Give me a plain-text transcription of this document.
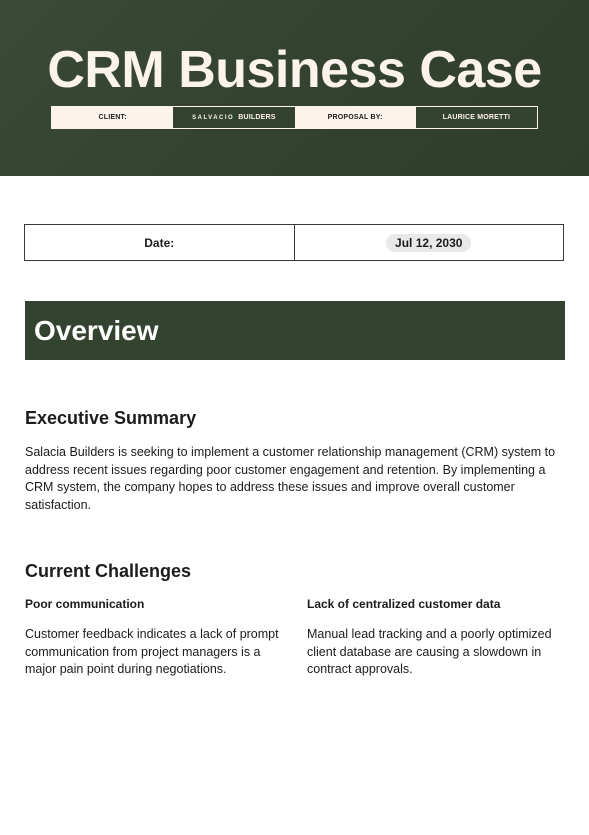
CRM Business Case
CLIENT:	SALVACIO BUILDERS	PROPOSAL BY:	LAURICE MORETTI
Date:	Jul 12, 2030
Overview
Executive Summary
Salacia Builders is seeking to implement a customer relationship management (CRM) system to address recent issues regarding poor customer engagement and retention. By implementing a CRM system, the company hopes to address these issues and improve overall customer satisfaction.
Current Challenges
Poor communication
Customer feedback indicates a lack of prompt communication from project managers is a major pain point during negotiations.
Lack of centralized customer data
Manual lead tracking and a poorly optimized client database are causing a slowdown in contract approvals.
